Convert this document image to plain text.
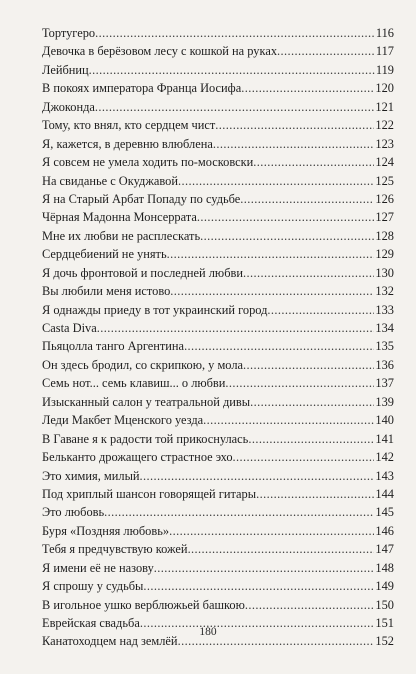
Тортугеро .....	116
Девочка в берёзовом лесу с кошкой на руках .....	117
Лейбниц .....	119
В покоях императора Франца Иосифа .....	120
Джоконда .....	121
Тому, кто внял, кто сердцем чист .....	122
Я, кажется, в деревню влюблена .....	123
Я совсем не умела ходить по-московски .....	124
На свиданье с Окуджавой .....	125
Я на Старый Арбат Попаду по судьбе .....	126
Чёрная Мадонна Монсеррата .....	127
Мне их любви не расплескать .....	128
Сердцебиений не унять .....	129
Я дочь фронтовой и последней любви .....	130
Вы любили меня истово .....	132
Я однажды приеду в тот украинский город .....	133
Casta Diva .....	134
Пьяцолла танго Аргентина .....	135
Он здесь бродил, со скрипкою, у мола .....	136
Семь нот... семь клавиш... о любви .....	137
Изысканный салон у театральной дивы .....	139
Леди Макбет Мценского уезда .....	140
В Гаване я к радости той прикоснулась .....	141
Бельканто дрожащего страстное эхо .....	142
Это химия, милый .....	143
Под хриплый шансон говорящей гитары .....	144
Это любовь .....	145
Буря «Поздняя любовь» .....	146
Тебя я предчувствую кожей .....	147
Я имени её не назову .....	148
Я спрошу у судьбы .....	149
В игольное ушко верблюжьей башкою .....	150
Еврейская свадьба .....	151
Канатоходцем над землёй .....	152
180
